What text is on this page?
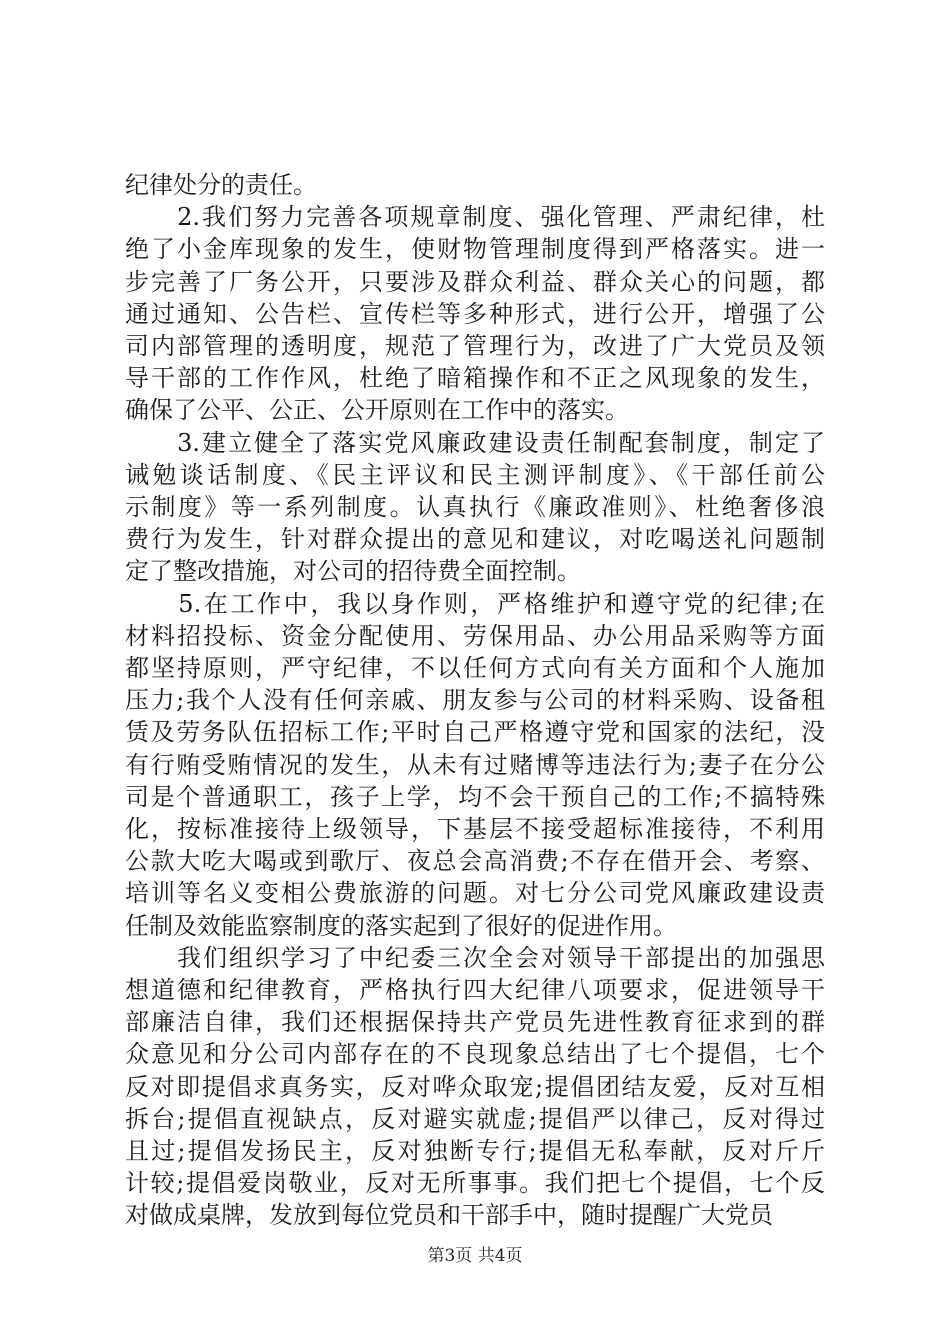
纪律处分的责任。
　　2.我们努力完善各项规章制度、强化管理、严肃纪律，杜
绝了小金库现象的发生，使财物管理制度得到严格落实。进一
步完善了厂务公开，只要涉及群众利益、群众关心的问题，都
通过通知、公告栏、宣传栏等多种形式，进行公开，增强了公
司内部管理的透明度，规范了管理行为，改进了广大党员及领
导干部的工作作风，杜绝了暗箱操作和不正之风现象的发生，
确保了公平、公正、公开原则在工作中的落实。
　　3.建立健全了落实党风廉政建设责任制配套制度，制定了
诫勉谈话制度、《民主评议和民主测评制度》、《干部任前公
示制度》等一系列制度。认真执行《廉政准则》、杜绝奢侈浪
费行为发生，针对群众提出的意见和建议，对吃喝送礼问题制
定了整改措施，对公司的招待费全面控制。
　　5.在工作中，我以身作则，严格维护和遵守党的纪律;在
材料招投标、资金分配使用、劳保用品、办公用品采购等方面
都坚持原则，严守纪律，不以任何方式向有关方面和个人施加
压力;我个人没有任何亲戚、朋友参与公司的材料采购、设备租
赁及劳务队伍招标工作;平时自己严格遵守党和国家的法纪，没
有行贿受贿情况的发生，从未有过赌博等违法行为;妻子在分公
司是个普通职工，孩子上学，均不会干预自己的工作;不搞特殊
化，按标准接待上级领导，下基层不接受超标准接待，不利用
公款大吃大喝或到歌厅、夜总会高消费;不存在借开会、考察、
培训等名义变相公费旅游的问题。对七分公司党风廉政建设责
任制及效能监察制度的落实起到了很好的促进作用。
　　我们组织学习了中纪委三次全会对领导干部提出的加强思
想道德和纪律教育，严格执行四大纪律八项要求，促进领导干
部廉洁自律，我们还根据保持共产党员先进性教育征求到的群
众意见和分公司内部存在的不良现象总结出了七个提倡，七个
反对即提倡求真务实，反对哗众取宠;提倡团结友爱，反对互相
拆台;提倡直视缺点，反对避实就虚;提倡严以律己，反对得过
且过;提倡发扬民主，反对独断专行;提倡无私奉献，反对斤斤
计较;提倡爱岗敬业，反对无所事事。我们把七个提倡，七个反
对做成桌牌，发放到每位党员和干部手中，随时提醒广大党员
第3页 共4页
